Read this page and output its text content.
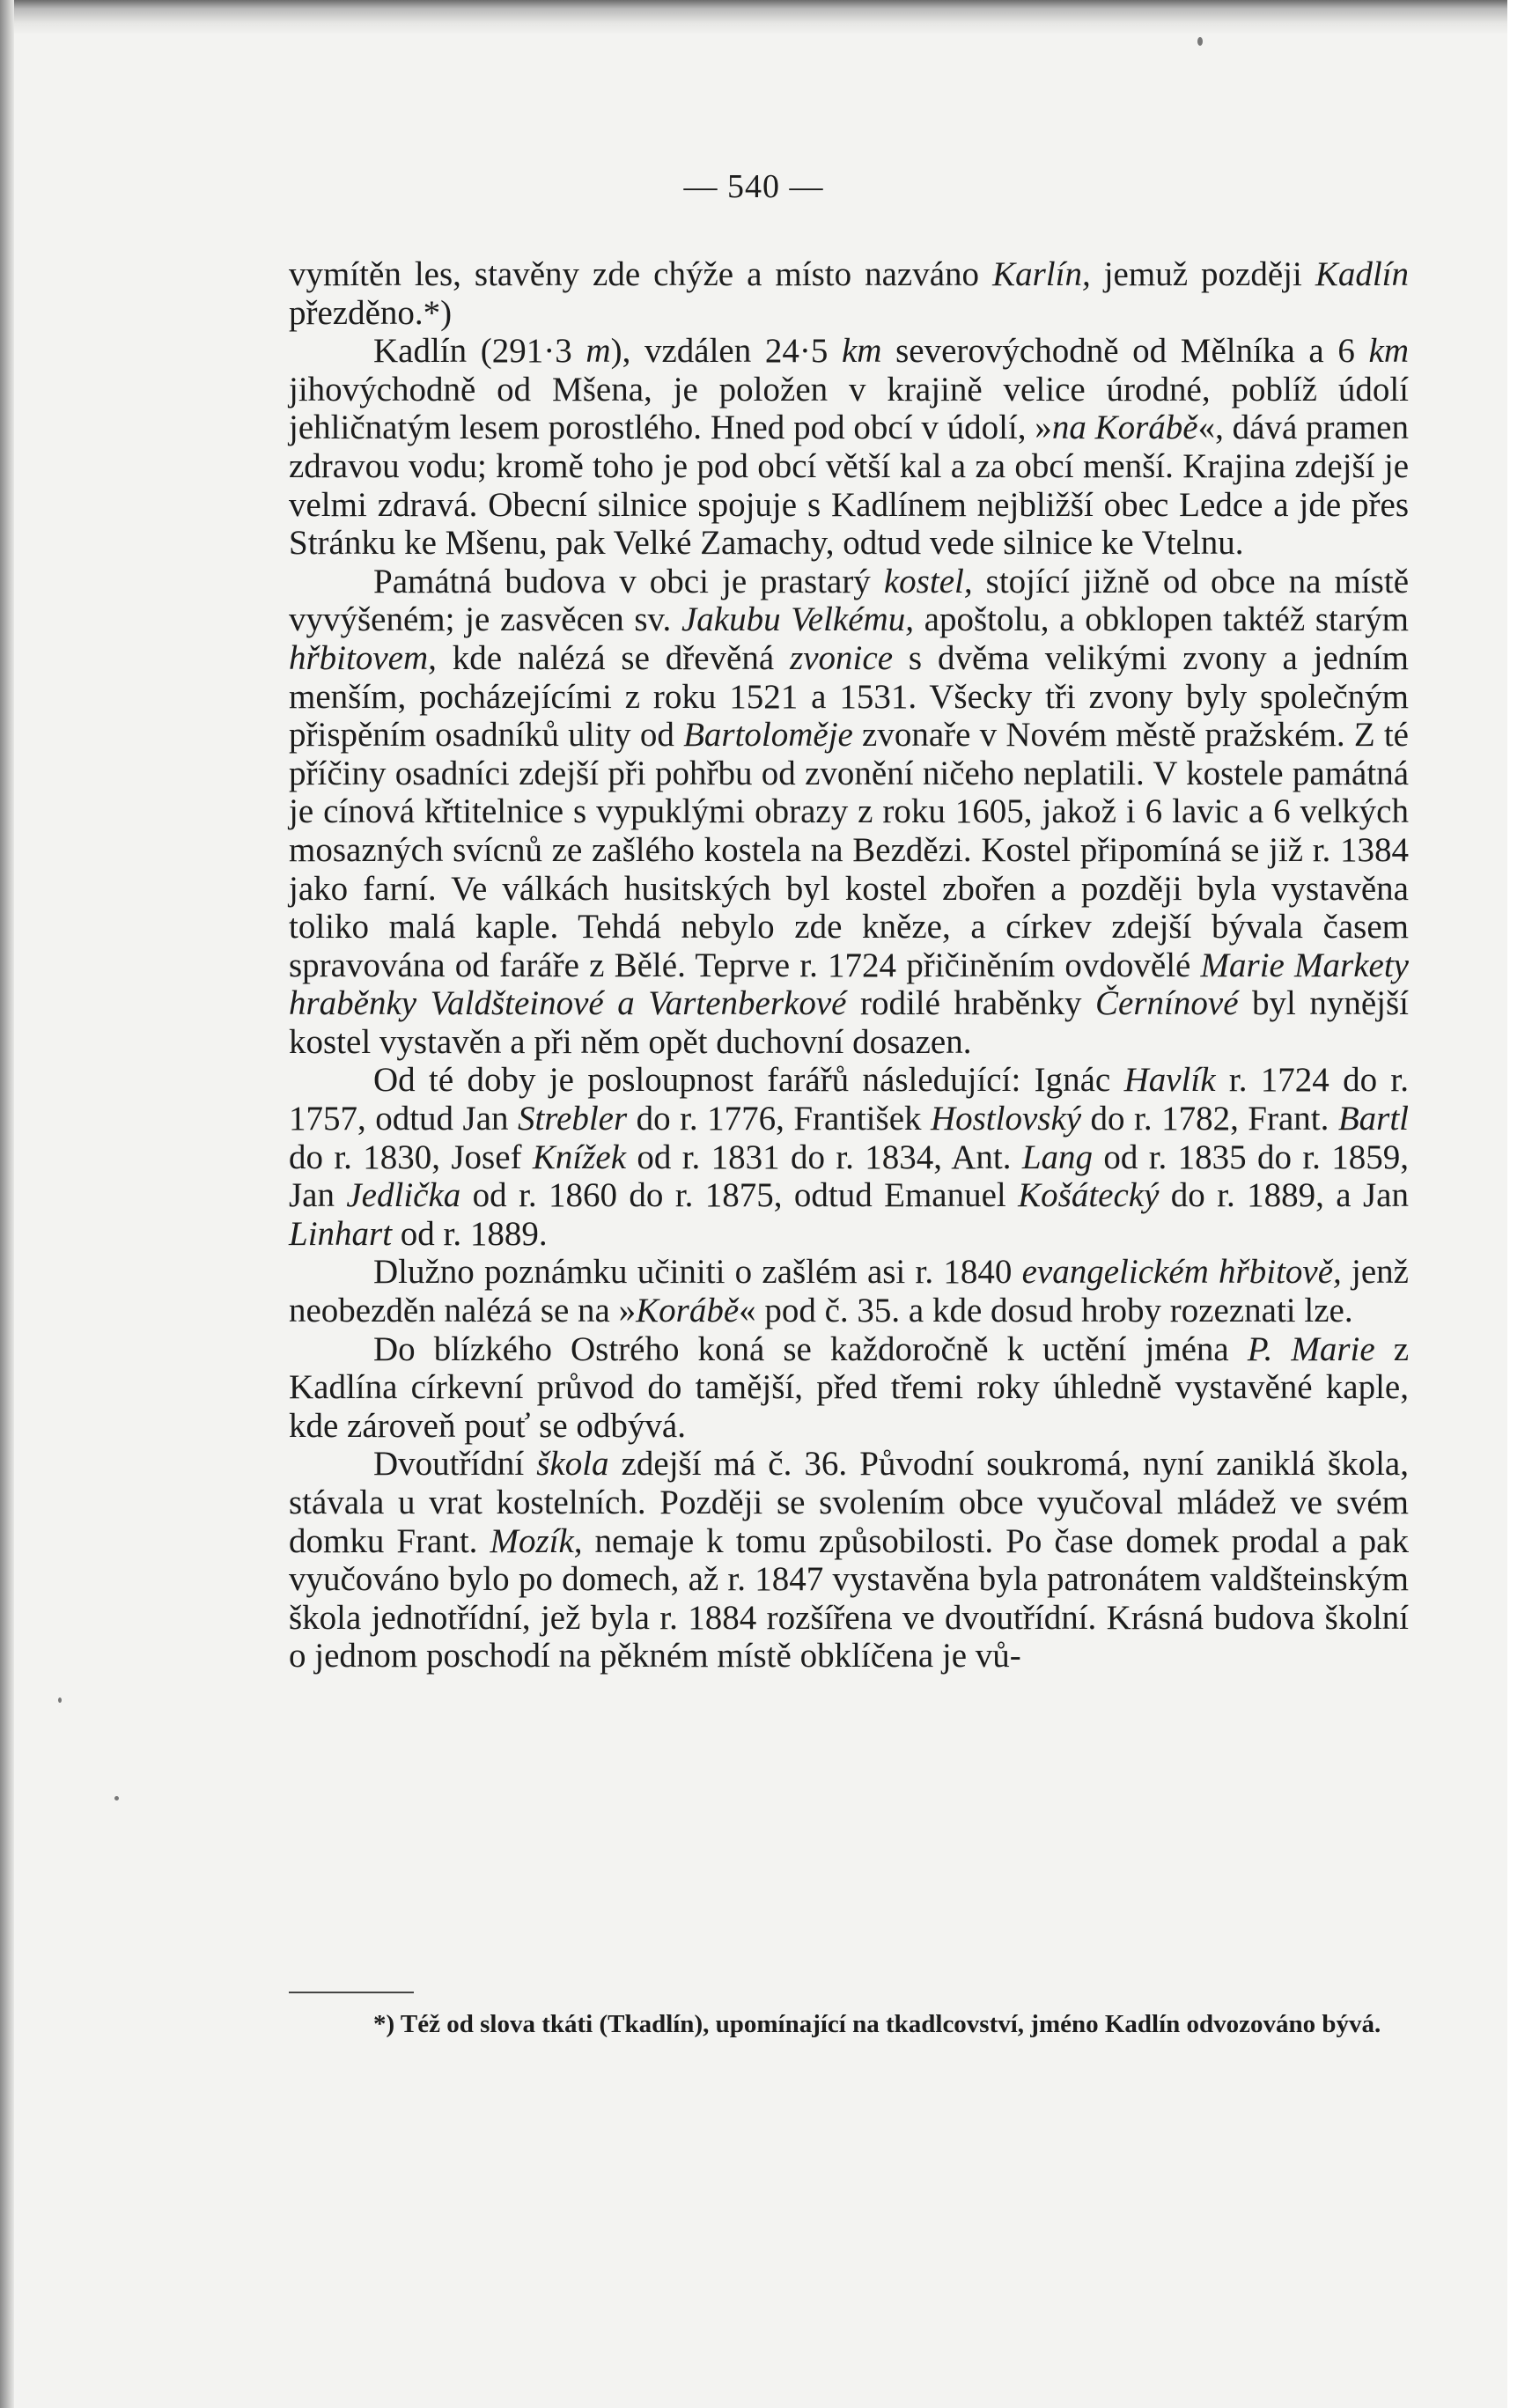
— 540 —

vymítěn les, stavěny zde chýže a místo nazváno Karlín, jemuž později Kadlín přezděno.*)

Kadlín (291·3 m), vzdálen 24·5 km severovýchodně od Mělníka a 6 km jihovýchodně od Mšena, je položen v krajině velice úrodné, poblíž údolí jehličnatým lesem porostlého. Hned pod obcí v údolí, »na Korábě«, dává pramen zdravou vodu; kromě toho je pod obcí větší kal a za obcí menší. Krajina zdejší je velmi zdravá. Obecní silnice spojuje s Kadlínem nejbližší obec Ledce a jde přes Stránku ke Mšenu, pak Velké Zamachy, odtud vede silnice ke Vtelnu.

Památná budova v obci je prastarý kostel, stojící jižně od obce na místě vyvýšeném; je zasvěcen sv. Jakubu Velkému, apoštolu, a obklopen taktéž starým hřbitovem, kde nalézá se dřevěná zvonice s dvěma velikými zvony a jedním menším, pocházejícími z roku 1521 a 1531. Všecky tři zvony byly společným přispěním osadníků ulity od Bartoloměje zvonaře v Novém městě pražském. Z té příčiny osadníci zdejší při pohřbu od zvonění ničeho neplatili. V kostele památná je cínová křtitelnice s vypuklými obrazy z roku 1605, jakož i 6 lavic a 6 velkých mosazných svícnů ze zašlého kostela na Bezdězi. Kostel připomíná se již r. 1384 jako farní. Ve válkách husitských byl kostel zbořen a později byla vystavěna toliko malá kaple. Tehdá nebylo zde kněze, a církev zdejší bývala časem spravována od faráře z Bělé. Teprve r. 1724 přičiněním ovdovělé Marie Markety hraběnky Valdšteinové a Vartenberkové rodilé hraběnky Černínové byl nynější kostel vystavěn a při něm opět duchovní dosazen.

Od té doby je posloupnost farářů následující: Ignác Havlík r. 1724 do r. 1757, odtud Jan Strebler do r. 1776, František Hostlovský do r. 1782, Frant. Bartl do r. 1830, Josef Knížek od r. 1831 do r. 1834, Ant. Lang od r. 1835 do r. 1859, Jan Jedlička od r. 1860 do r. 1875, odtud Emanuel Košátecký do r. 1889, a Jan Linhart od r. 1889.

Dlužno poznámku učiniti o zašlém asi r. 1840 evangelickém hřbitově, jenž neobezděn nalézá se na »Korábě« pod č. 35. a kde dosud hroby rozeznati lze.

Do blízkého Ostrého koná se každoročně k uctění jména P. Marie z Kadlína církevní průvod do tamější, před třemi roky úhledně vystavěné kaple, kde zároveň pouť se odbývá.

Dvoutřídní škola zdejší má č. 36. Původní soukromá, nyní zaniklá škola, stávala u vrat kostelních. Později se svolením obce vyučoval mládež ve svém domku Frant. Mozík, nemaje k tomu způsobilosti. Po čase domek prodal a pak vyučováno bylo po domech, až r. 1847 vystavěna byla patronátem valdšteinským škola jednotřídní, jež byla r. 1884 rozšířena ve dvoutřídní. Krásná budova školní o jednom poschodí na pěkném místě obklíčena je vů-

*) Též od slova tkáti (Tkadlín), upomínající na tkadlcovství, jméno Kadlín odvozováno bývá.
